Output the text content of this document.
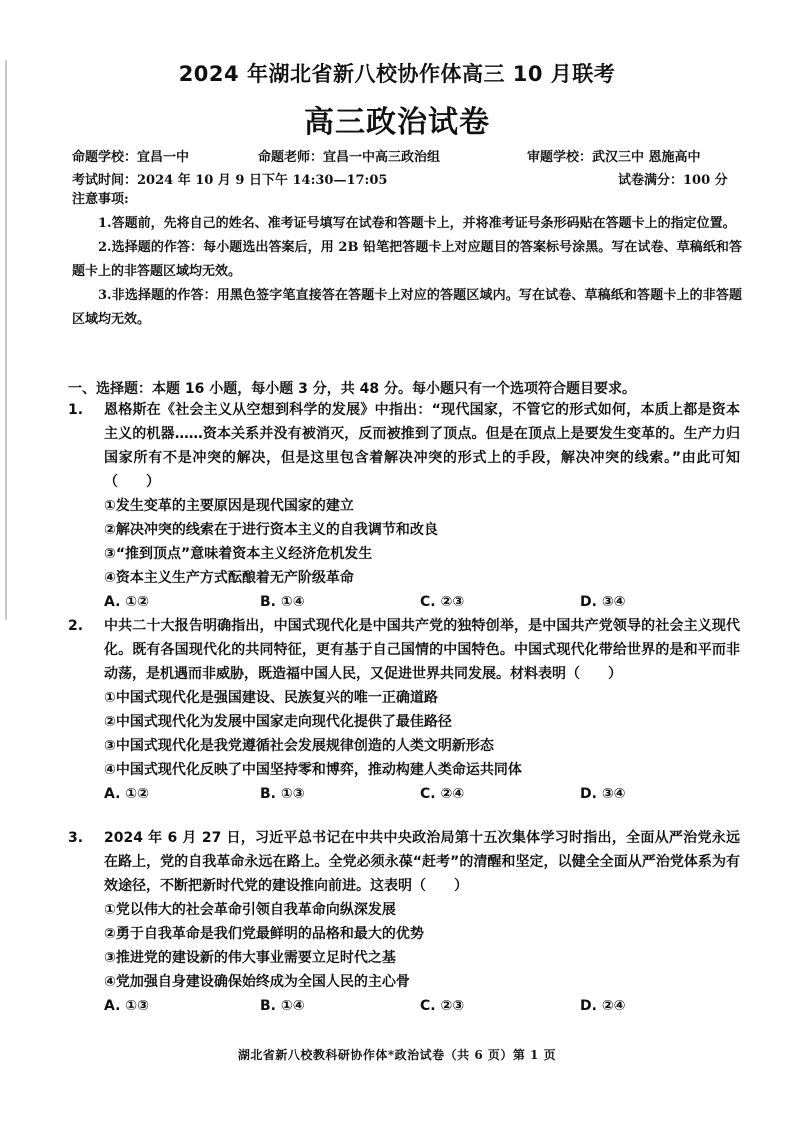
2024 年湖北省新八校协作体高三 10 月联考
高三政治试卷
命题学校：宜昌一中	命题老师：宜昌一中高三政治组	审题学校：武汉三中 恩施高中
考试时间：2024 年 10 月 9 日下午 14:30—17:05	试卷满分：100 分

注意事项:

1.答题前，先将自己的姓名、准考证号填写在试卷和答题卡上，并将准考证号条形码贴在答题卡上的指定位置。

2.选择题的作答：每小题选出答案后，用 2B 铅笔把答题卡上对应题目的答案标号涂黑。写在试卷、草稿纸和答题卡上的非答题区域均无效。

3.非选择题的作答：用黑色签字笔直接答在答题卡上对应的答题区域内。写在试卷、草稿纸和答题卡上的非答题区域均无效。

一、选择题：本题 16 小题，每小题 3 分，共 48 分。每小题只有一个选项符合题目要求。
1. 恩格斯在《社会主义从空想到科学的发展》中指出：“现代国家，不管它的形式如何，本质上都是资本主义的机器……资本关系并没有被消灭，反而被推到了顶点。但是在顶点上是要发生变革的。生产力归国家所有不是冲突的解决，但是这里包含着解决冲突的形式上的手段，解决冲突的线索。”由此可知（　　）
①发生变革的主要原因是现代国家的建立
②解决冲突的线索在于进行资本主义的自我调节和改良
③“推到顶点”意味着资本主义经济危机发生
④资本主义生产方式酝酿着无产阶级革命
A. ①②	B. ①④	C. ②③	D. ③④
2. 中共二十大报告明确指出，中国式现代化是中国共产党的独特创举，是中国共产党领导的社会主义现代化。既有各国现代化的共同特征，更有基于自己国情的中国特色。中国式现代化带给世界的是和平而非动荡，是机遇而非威胁，既造福中国人民，又促进世界共同发展。材料表明（　　）
①中国式现代化是强国建设、民族复兴的唯一正确道路
②中国式现代化为发展中国家走向现代化提供了最佳路径
③中国式现代化是我党遵循社会发展规律创造的人类文明新形态
④中国式现代化反映了中国坚持零和博弈，推动构建人类命运共同体
A. ①②	B. ①③	C. ②④	D. ③④
3. 2024 年 6 月 27 日，习近平总书记在中共中央政治局第十五次集体学习时指出，全面从严治党永远在路上，党的自我革命永远在路上。全党必须永葆“赶考”的清醒和坚定，以健全全面从严治党体系为有效途径，不断把新时代党的建设推向前进。这表明（　　）
①党以伟大的社会革命引领自我革命向纵深发展
②勇于自我革命是我们党最鲜明的品格和最大的优势
③推进党的建设新的伟大事业需要立足时代之基
④党加强自身建设确保始终成为全国人民的主心骨
A. ①③	B. ①④	C. ②③	D. ②④
湖北省新八校教科研协作体*政治试卷（共 6 页）第 1 页
